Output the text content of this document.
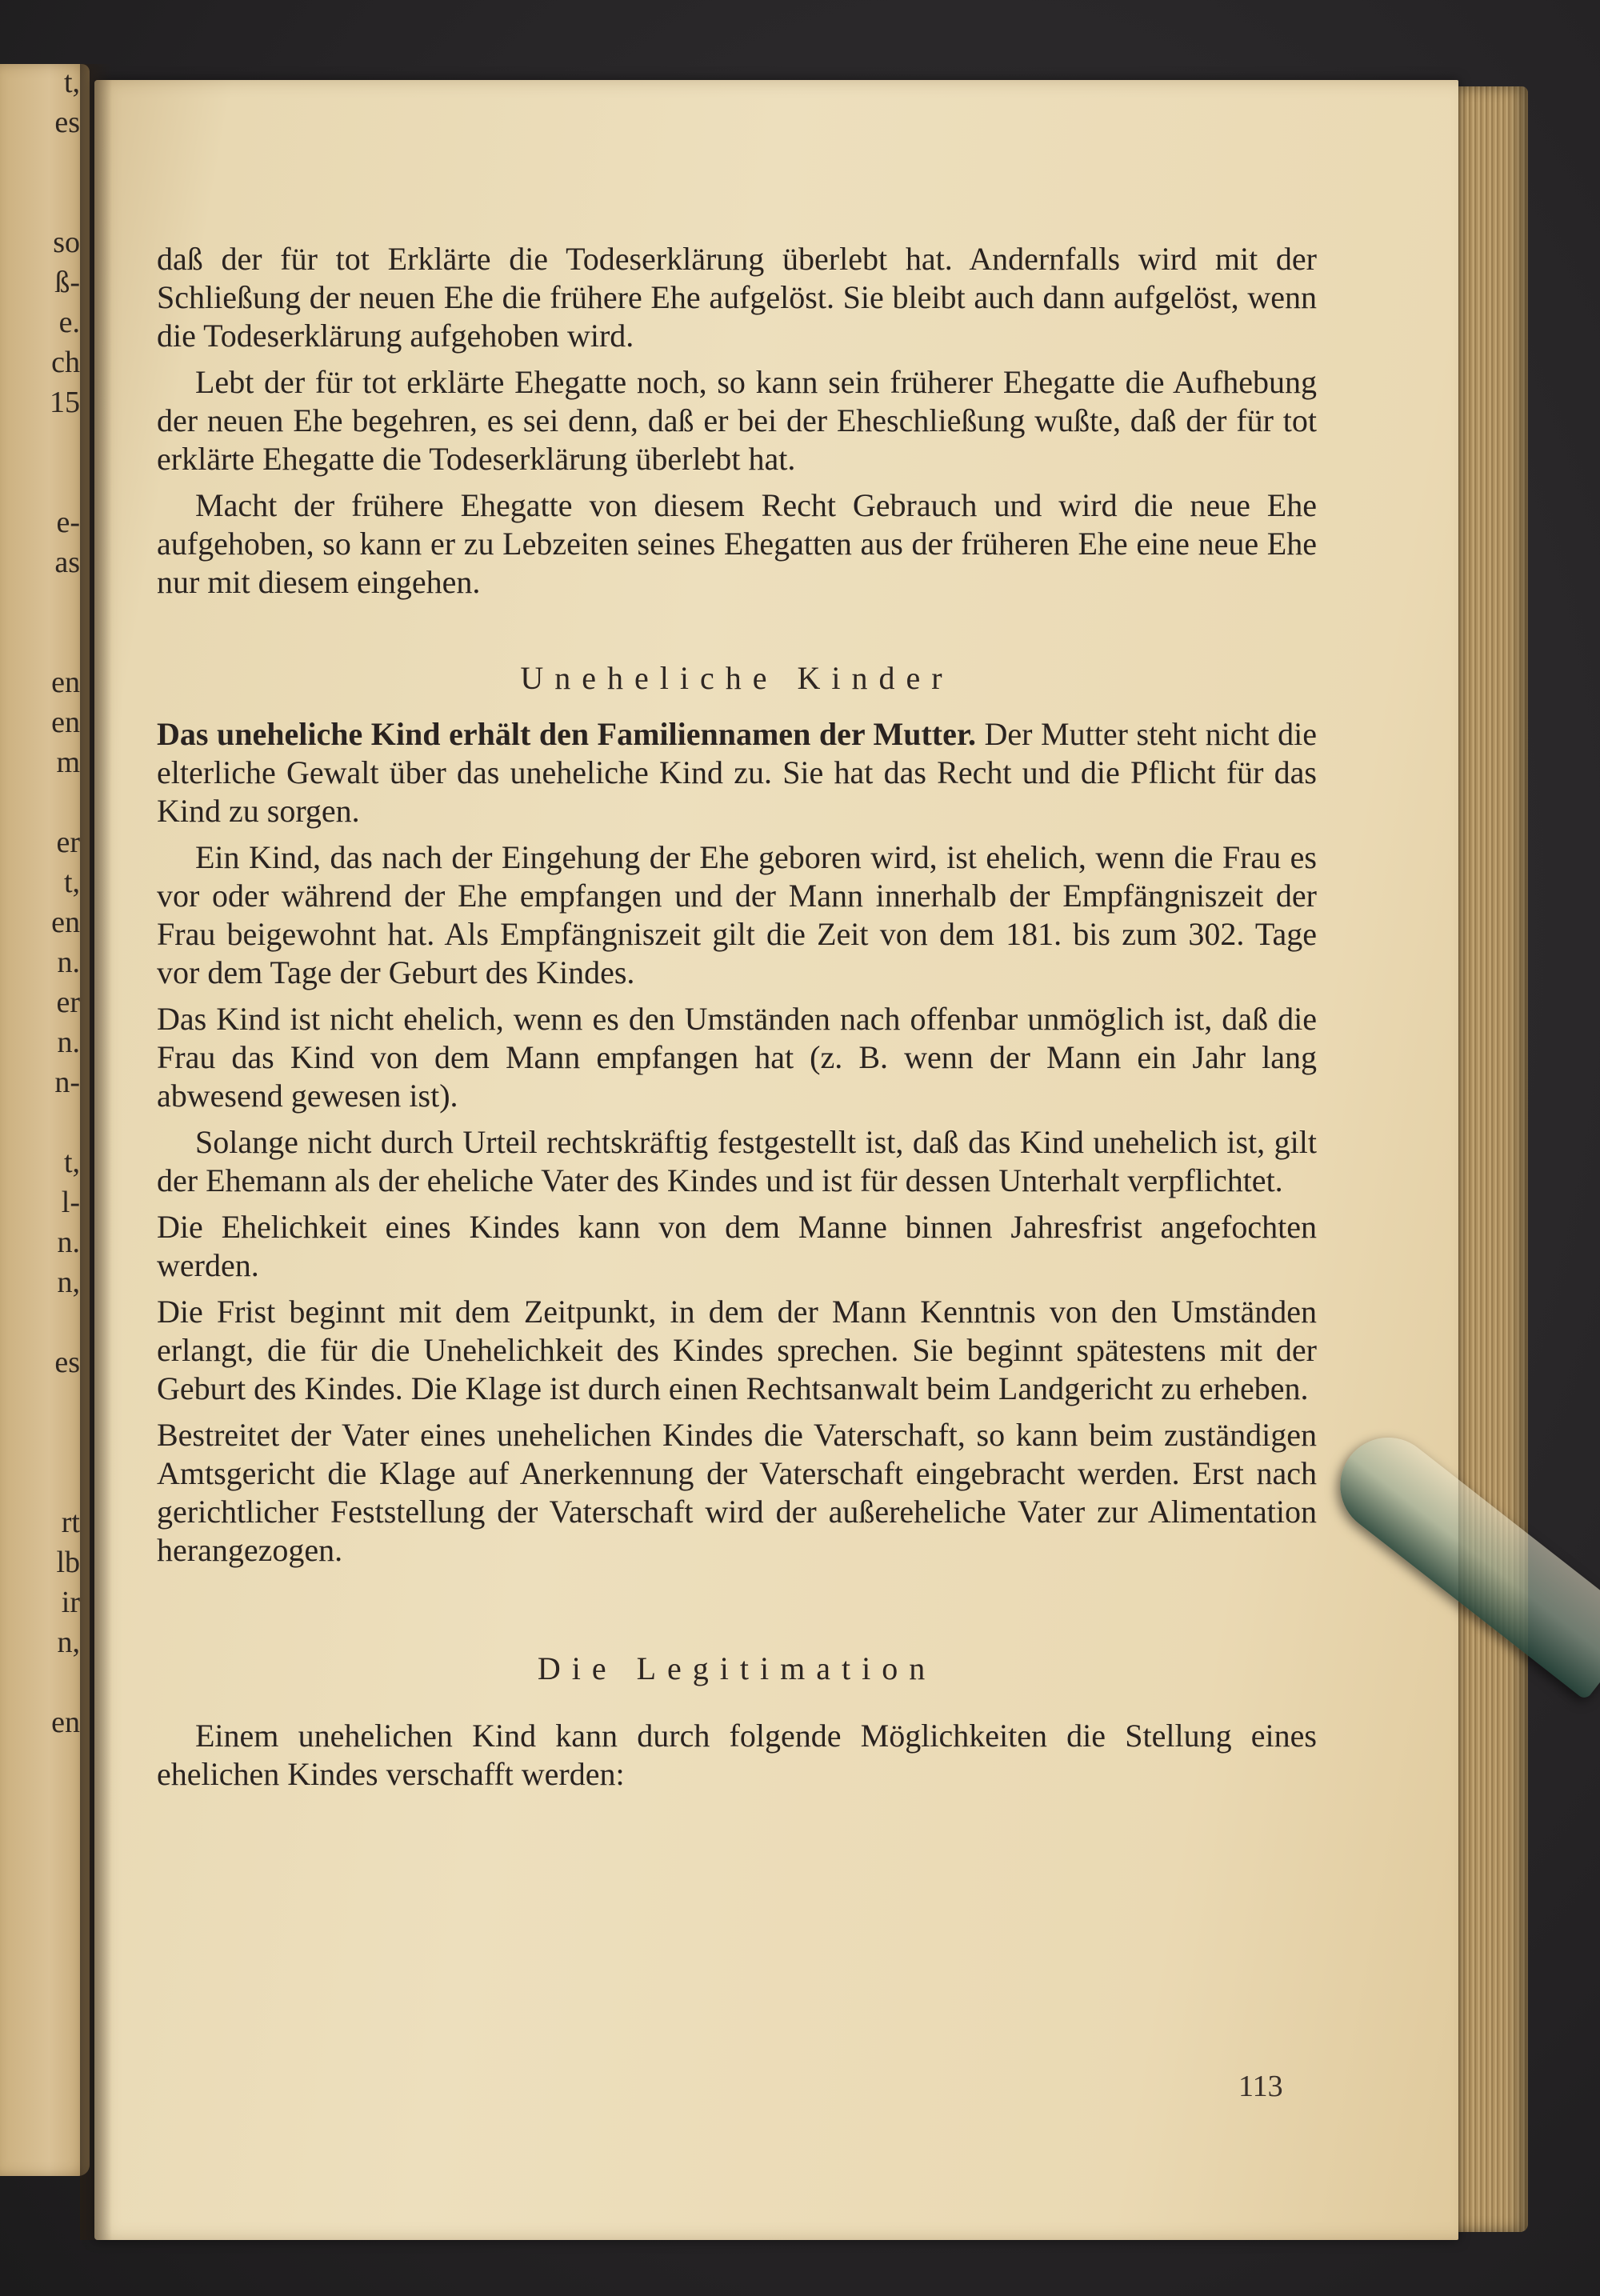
t,
es
so
ß-
e.
ch
15
e-
as
en
en
m
er
t,
en
n.
er
n.
n-
t,
l-
n.
n,
es
rt
lb
ir
n,
en

daß der für tot Erklärte die Todeserklärung überlebt hat. Andernfalls wird mit der Schließung der neuen Ehe die frühere Ehe aufgelöst. Sie bleibt auch dann aufgelöst, wenn die Todeserklärung aufgehoben wird.

Lebt der für tot erklärte Ehegatte noch, so kann sein früherer Ehegatte die Aufhebung der neuen Ehe begehren, es sei denn, daß er bei der Eheschließung wußte, daß der für tot erklärte Ehegatte die Todeserklärung überlebt hat.

Macht der frühere Ehegatte von diesem Recht Gebrauch und wird die neue Ehe aufgehoben, so kann er zu Lebzeiten seines Ehegatten aus der früheren Ehe eine neue Ehe nur mit diesem eingehen.

Uneheliche Kinder

Das uneheliche Kind erhält den Familiennamen der Mutter. Der Mutter steht nicht die elterliche Gewalt über das uneheliche Kind zu. Sie hat das Recht und die Pflicht für das Kind zu sorgen.

Ein Kind, das nach der Eingehung der Ehe geboren wird, ist ehelich, wenn die Frau es vor oder während der Ehe empfangen und der Mann innerhalb der Empfängniszeit der Frau beigewohnt hat. Als Empfängniszeit gilt die Zeit von dem 181. bis zum 302. Tage vor dem Tage der Geburt des Kindes.

Das Kind ist nicht ehelich, wenn es den Umständen nach offenbar unmöglich ist, daß die Frau das Kind von dem Mann empfangen hat (z. B. wenn der Mann ein Jahr lang abwesend gewesen ist).

Solange nicht durch Urteil rechtskräftig festgestellt ist, daß das Kind unehelich ist, gilt der Ehemann als der eheliche Vater des Kindes und ist für dessen Unterhalt verpflichtet.

Die Ehelichkeit eines Kindes kann von dem Manne binnen Jahresfrist angefochten werden.

Die Frist beginnt mit dem Zeitpunkt, in dem der Mann Kenntnis von den Umständen erlangt, die für die Unehelichkeit des Kindes sprechen. Sie beginnt spätestens mit der Geburt des Kindes. Die Klage ist durch einen Rechtsanwalt beim Landgericht zu erheben.

Bestreitet der Vater eines unehelichen Kindes die Vaterschaft, so kann beim zuständigen Amtsgericht die Klage auf Anerkennung der Vaterschaft eingebracht werden. Erst nach gerichtlicher Feststellung der Vaterschaft wird der außereheliche Vater zur Alimentation herangezogen.

Die Legitimation

Einem unehelichen Kind kann durch folgende Möglichkeiten die Stellung eines ehelichen Kindes verschafft werden:

113
